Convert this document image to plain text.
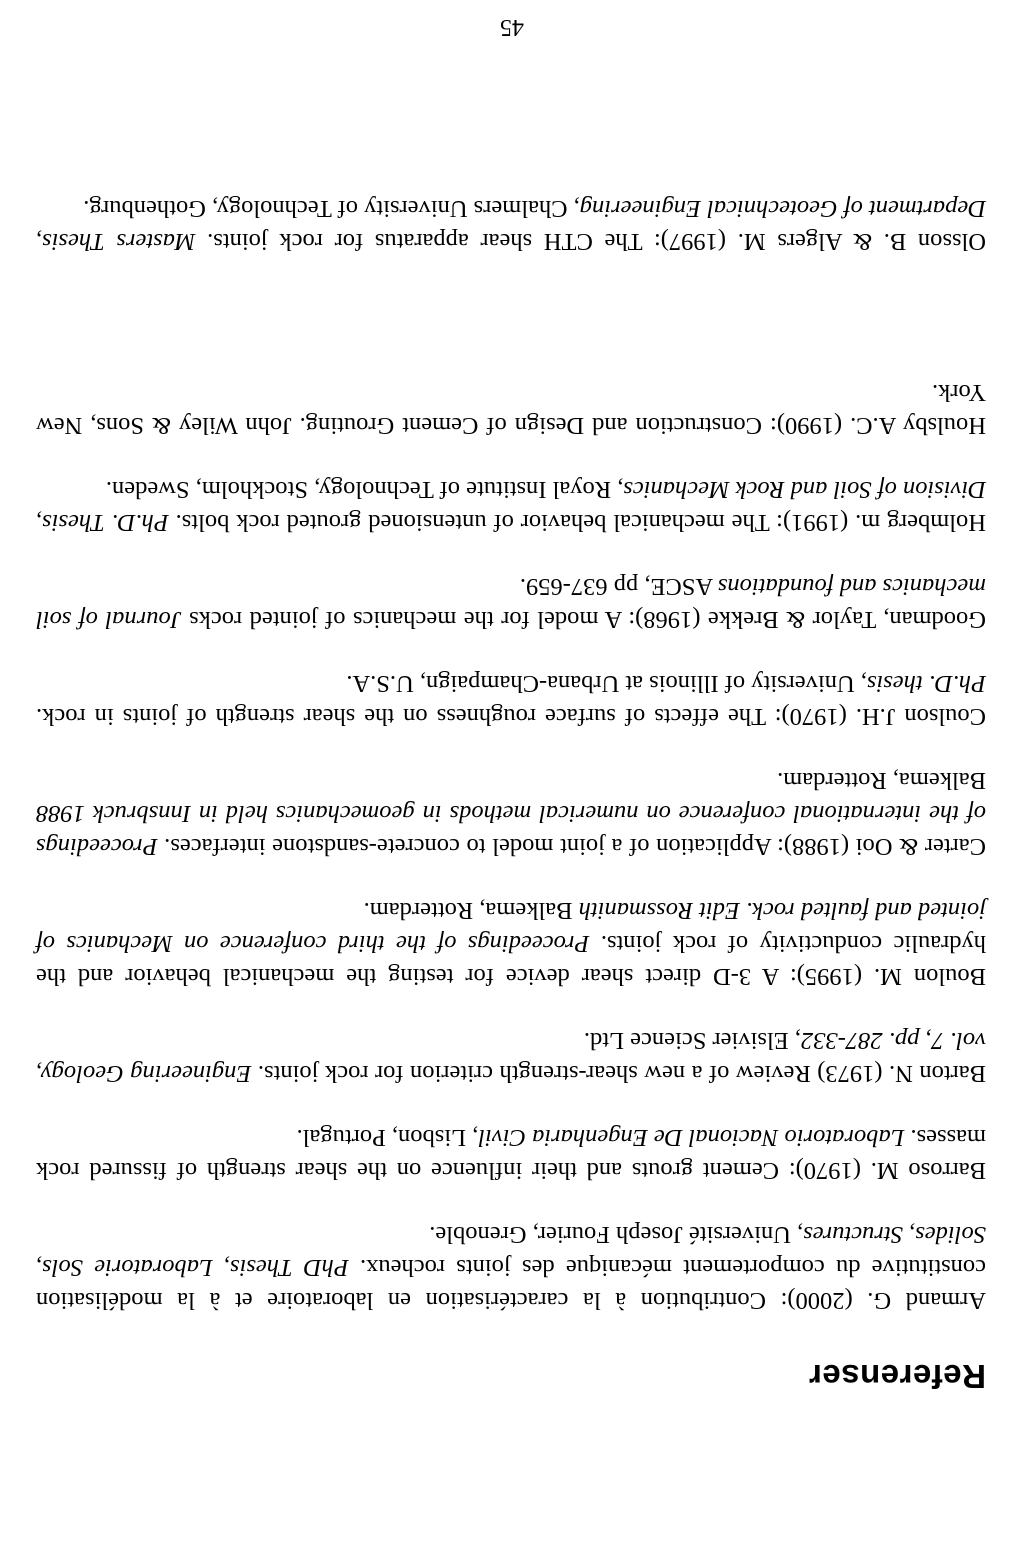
Referenser

Armand G. (2000): Contribution à la caractérisation en laboratoire et à la modélisation constitutive du comportement mécanique des joints rocheux. PhD Thesis, Laboratorie Sols, Solides, Structures, Université Joseph Fourier, Grenoble.

Barroso M. (1970): Cement grouts and their influence on the shear strength of fissured rock masses. Laboratorio Nacional De Engenharia Civil, Lisbon, Portugal.

Barton N. (1973) Review of a new shear-strength criterion for rock joints. Engineering Geology, vol. 7, pp. 287-332, Elsivier Science Ltd.

Boulon M. (1995): A 3-D direct shear device for testing the mechanical behavior and the hydraulic conductivity of rock joints. Proceedings of the third conference on Mechanics of jointed and faulted rock. Edit Rossmanith Balkema, Rotterdam.

Carter & Ooi (1988): Application of a joint model to concrete-sandstone interfaces. Proceedings of the international conference on numerical methods in geomechanics held in Innsbruck 1988 Balkema, Rotterdam.

Coulson J.H. (1970): The effects of surface roughness on the shear strength of joints in rock. Ph.D. thesis, University of Illinois at Urbana-Champaign, U.S.A.

Goodman, Taylor & Brekke (1968): A model for the mechanics of jointed rocks Journal of soil mechanics and foundations ASCE, pp 637-659.

Holmberg m. (1991): The mechanical behavior of untensioned grouted rock bolts. Ph.D. Thesis, Division of Soil and Rock Mechanics, Royal Institute of Technology, Stockholm, Sweden.

Houlsby A.C. (1990): Construction and Design of Cement Grouting. John Wiley & Sons, New York.

Olsson B. & Algers M. (1997): The CTH shear apparatus for rock joints. Masters Thesis, Department of Geotechnical Engineering, Chalmers University of Technology, Gothenburg.

45
